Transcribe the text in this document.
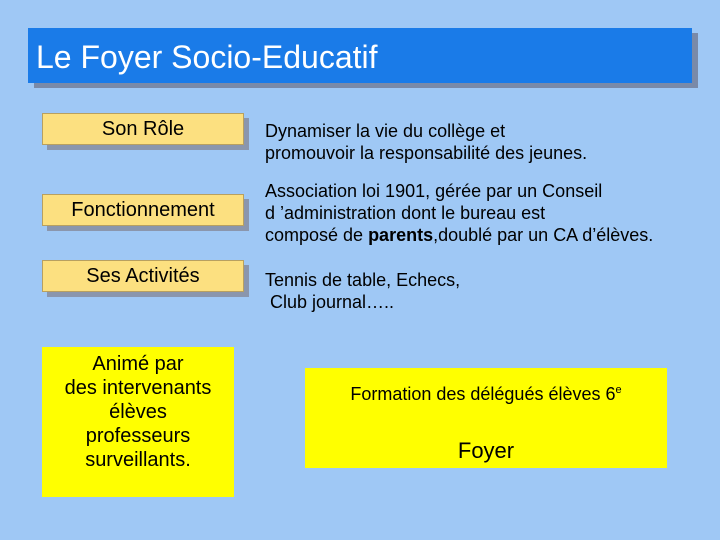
Le Foyer Socio-Educatif
Son Rôle	Dynamiser la vie du collège et
promouvoir la responsabilité des jeunes.
Fonctionnement
Association loi 1901, gérée par un Conseil
d ’administration dont le bureau est
composé de parents,doublé par un CA d’élèves.
Ses Activités	Tennis de table, Echecs,
Club journal…..
Animé par
des intervenants
élèves
professeurs
surveillants.
Formation des délégués élèves 6e
Foyer
